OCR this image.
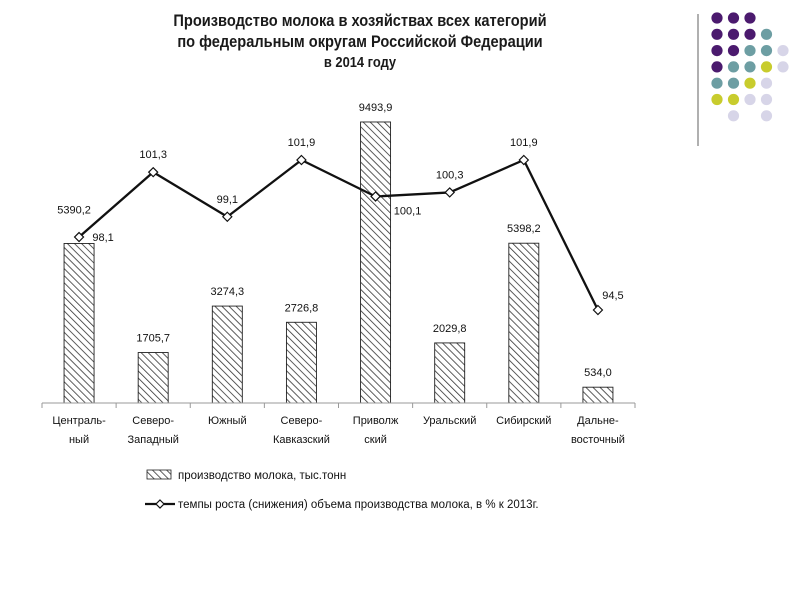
Производство молока в хозяйствах всех категорий
по федеральным округам Российской Федерации
в 2014 году
5390,2
1705,7
3274,3
2726,8
9493,9
2029,8
5398,2
534,0
98,1
101,3
99,1
101,9
100,1
100,3
101,9
94,5
Централь-ный
Северо-Западный
Южный	Северо-Кавказский
Приволж ский
Уральский Сибирский	Дальне-восточный
производство молока, тыс.тонн
темпы роста (снижения) объема производства молока, в % к 2013г.
